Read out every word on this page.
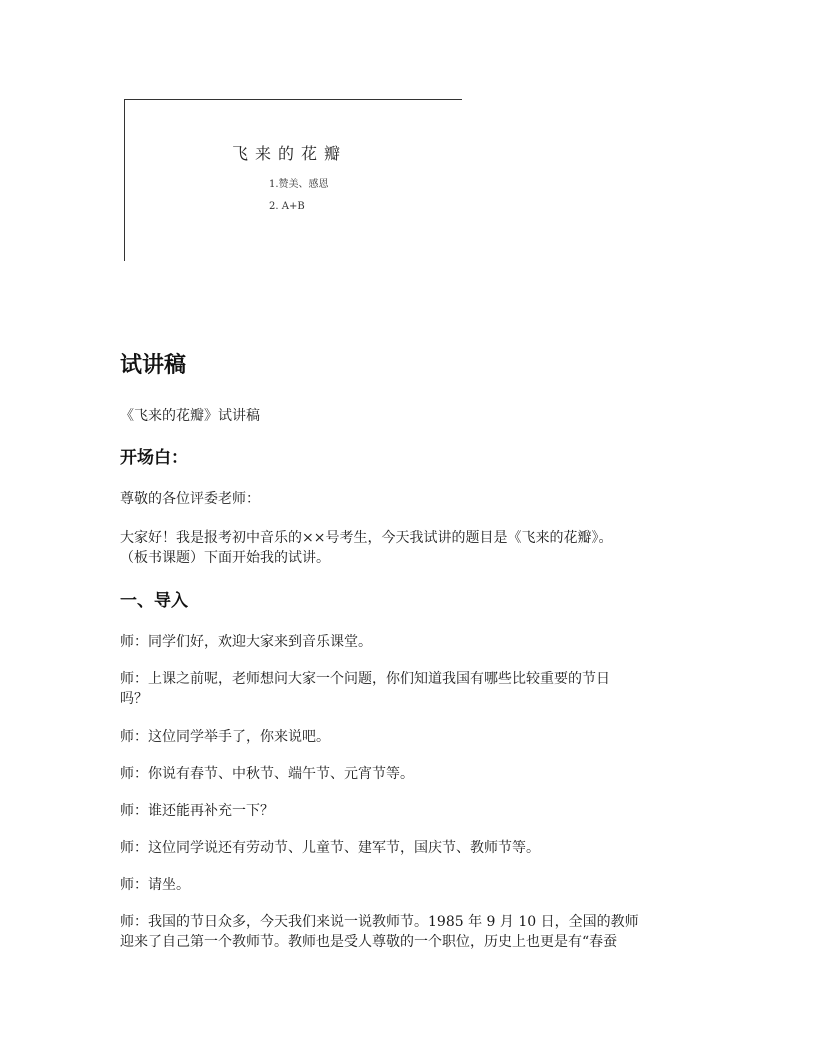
飞来的花瓣
1.赞美、感恩
2. A+B
试讲稿

《飞来的花瓣》试讲稿

开场白：

尊敬的各位评委老师：

大家好！我是报考初中音乐的××号考生，今天我试讲的题目是《飞来的花瓣》。

（板书课题）下面开始我的试讲。

一、导入

师：同学们好，欢迎大家来到音乐课堂。

师：上课之前呢，老师想问大家一个问题，你们知道我国有哪些比较重要的节日

吗？

师：这位同学举手了，你来说吧。

师：你说有春节、中秋节、端午节、元宵节等。

师：谁还能再补充一下？

师：这位同学说还有劳动节、儿童节、建军节，国庆节、教师节等。

师：请坐。

师：我国的节日众多，今天我们来说一说教师节。1985 年 9 月 10 日，全国的教师

迎来了自己第一个教师节。教师也是受人尊敬的一个职位，历史上也更是有“春蚕
